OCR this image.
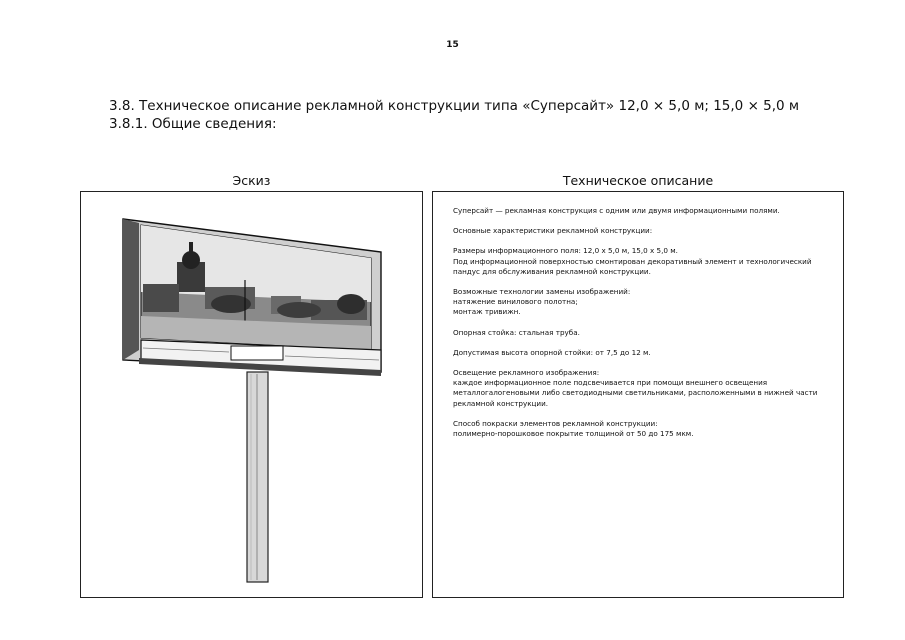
15
3.8. Техническое описание рекламной конструкции типа «Суперсайт» 12,0 × 5,0 м; 15,0 × 5,0 м
3.8.1. Общие сведения:
Эскиз	Техническое описание
Суперсайт — рекламная конструкция с одним или двумя информационными полями.
Основные характеристики рекламной конструкции:
Размеры информационного поля: 12,0 х 5,0 м, 15,0 х 5,0 м.
Под информационной поверхностью смонтирован декоративный элемент и технологический
пандус для обслуживания рекламной конструкции.
Возможные технологии замены изображений:
натяжение винилового полотна;
монтаж тривижн.
Опорная стойка: стальная труба.
Допустимая высота опорной стойки: от 7,5 до 12 м.
Освещение рекламного изображения:
каждое информационное поле подсвечивается при помощи внешнего освещения
металлогалогеновыми либо светодиодными светильниками, расположенными в нижней части
рекламной конструкции.
Способ покраски элементов рекламной конструкции:
полимерно-порошковое покрытие толщиной от 50 до 175 мкм.
